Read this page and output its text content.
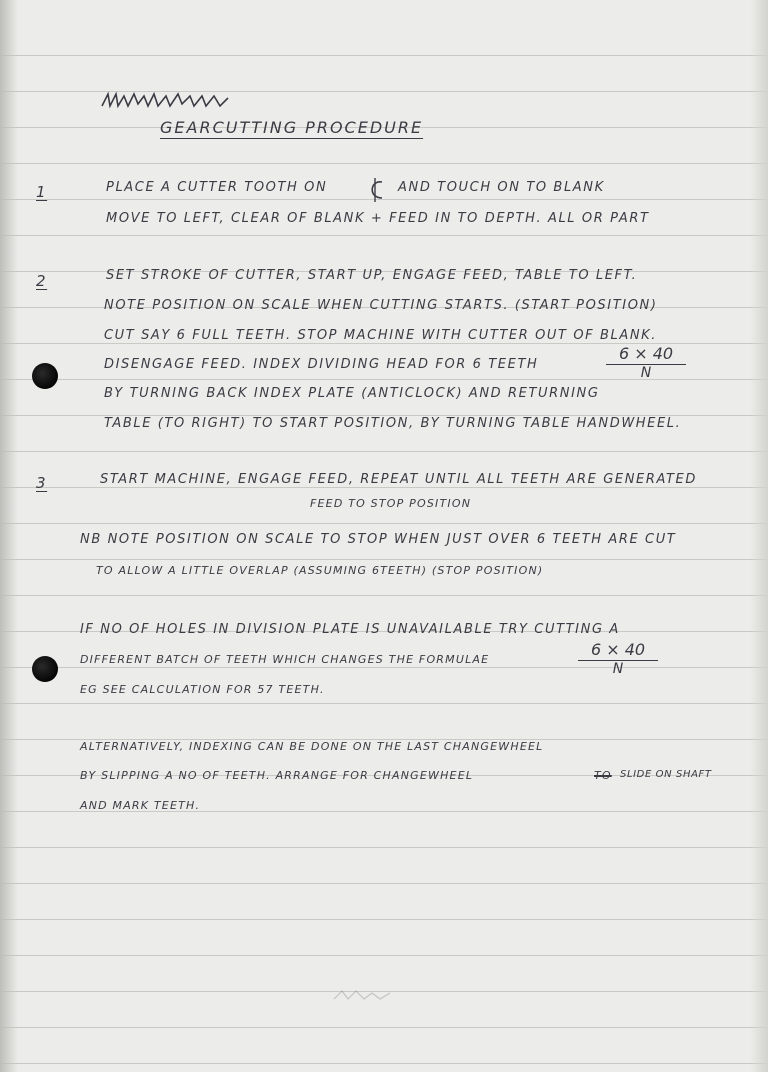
GEARCUTTING PROCEDURE
1	PLACE A CUTTER TOOTH ON	AND TOUCH ON TO BLANK
MOVE TO LEFT, CLEAR OF BLANK + FEED IN TO DEPTH. ALL OR PART
2	SET STROKE OF CUTTER, START UP, ENGAGE FEED, TABLE TO LEFT.
NOTE POSITION ON SCALE WHEN CUTTING STARTS. (START POSITION)
CUT SAY 6 FULL TEETH. STOP MACHINE WITH CUTTER OUT OF BLANK.
DISENGAGE FEED. INDEX DIVIDING HEAD FOR 6 TEETH	$\frac{6 \times 40}{N}$
BY TURNING BACK INDEX PLATE (ANTICLOCK) AND RETURNING
TABLE (TO RIGHT) TO START POSITION, BY TURNING TABLE HANDWHEEL.
3	START MACHINE, ENGAGE FEED, REPEAT UNTIL ALL TEETH ARE GENERATED
FEED TO STOP POSITION
NB NOTE POSITION ON SCALE TO STOP WHEN JUST OVER 6 TEETH ARE CUT
TO ALLOW A LITTLE OVERLAP (ASSUMING 6TEETH) (STOP POSITION)
IF NO OF HOLES IN DIVISION PLATE IS UNAVAILABLE TRY CUTTING A
DIFFERENT BATCH OF TEETH WHICH CHANGES THE FORMULAE	$\frac{6 \times 40}{N}$
EG SEE CALCULATION FOR 57 TEETH.
ALTERNATIVELY, INDEXING CAN BE DONE ON THE LAST CHANGEWHEEL
BY SLIPPING A NO OF TEETH. ARRANGE FOR CHANGEWHEEL	TO SLIDE ON SHAFT
AND MARK TEETH.
